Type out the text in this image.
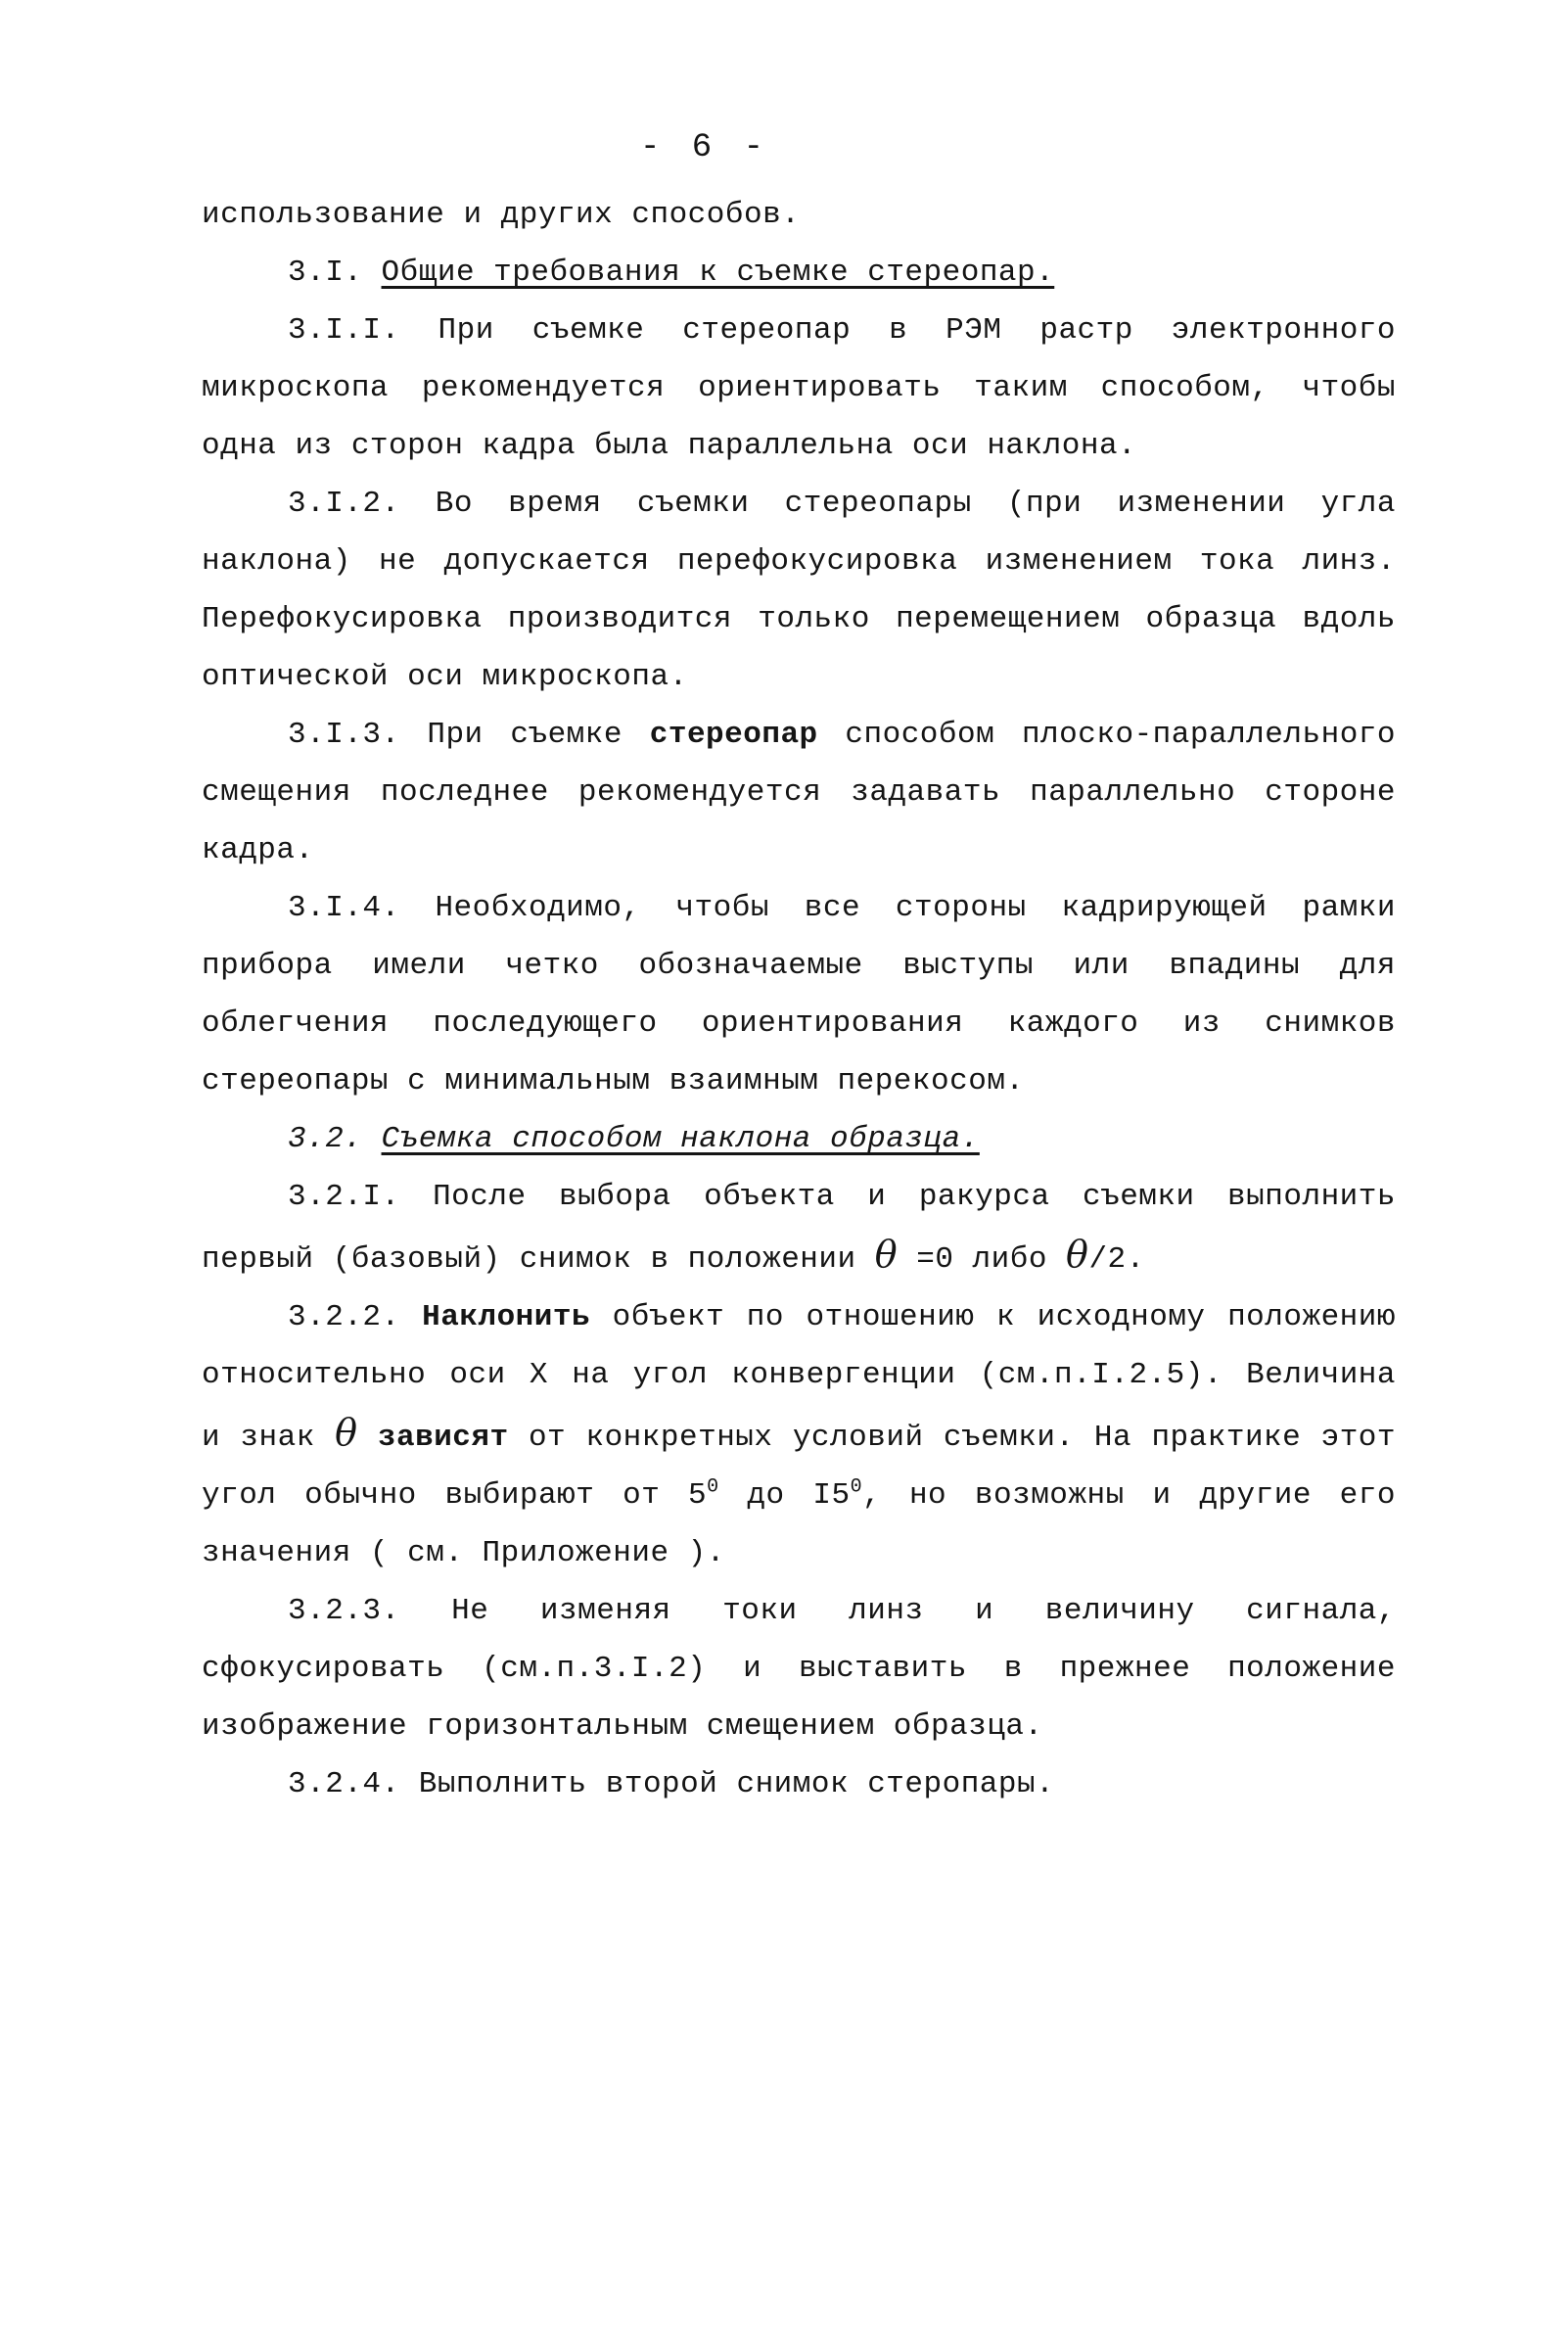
- 6 -

использование и других способов.

3.I. Общие требования к съемке стереопар.

3.I.I. При съемке стереопар в РЭМ растр электронного микроскопа рекомендуется ориентировать таким способом, чтобы одна из сторон кадра была параллельна оси наклона.

3.I.2. Во время съемки стереопары (при изменении угла наклона) не допускается перефокусировка изменением тока линз. Перефокусировка производится только перемещением образца вдоль оптической оси микроскопа.

3.I.3. При съемке стереопар способом плоско-параллельного смещения последнее рекомендуется задавать параллельно стороне кадра.

3.I.4. Необходимо, чтобы все стороны кадрирующей рамки прибора имели четко обозначаемые выступы или впадины для облегчения последующего ориентирования каждого из снимков стереопары с минимальным взаимным перекосом.

3.2. Съемка способом наклона образца.

3.2.I. После выбора объекта и ракурса съемки выполнить первый (базовый) снимок в положении θ =0 либо θ/2.

3.2.2. Наклонить объект по отношению к исходному положению относительно оси X на угол конвергенции (см.п.I.2.5). Величина и знак θ зависят от конкретных условий съемки. На практике этот угол обычно выбирают от $5^0$ до $I5^0$, но возможны и другие его значения ( см. Приложение ).

3.2.3. Не изменяя токи линз и величину сигнала, сфокусировать (см.п.3.I.2) и выставить в прежнее положение изображение горизонтальным смещением образца.

3.2.4. Выполнить второй снимок стеропары.
